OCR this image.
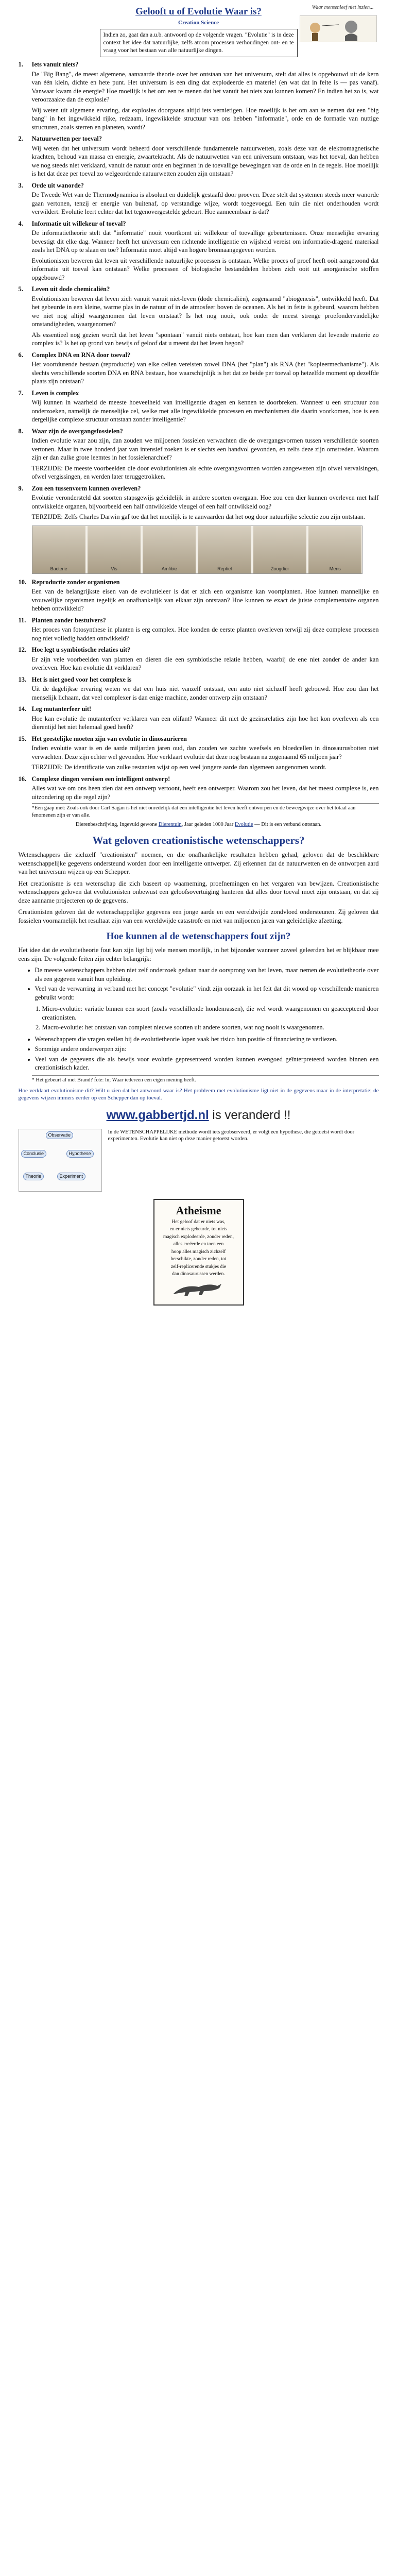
Waar mensenleef niet inzien...
Gelooft u of Evolutie Waar is?
Creation Science
Indien zo, gaat dan a.u.b. antwoord op de volgende vragen. "Evolutie" is in deze context het idee dat natuurlijke, zelfs atoom processen verhoudingen ont- en te vraag voor het bestaan van alle natuurlijke dingen.
1.	Iets vanuit niets?

De "Big Bang", de meest algemene, aanvaarde theorie over het ontstaan van het universum, stelt dat alles is opgebouwd uit de kern van één klein, dichte en hete punt. Het universum is een ding dat explodeerde en materie! (en wat dat in feite is — pas vanaf). Vanwaar kwam die energie? Hoe moeilijk is het om een te menen dat het vanuit het niets zou kunnen komen? En indien het zo is, wat veroorzaakte dan de explosie?

Wij weten uit algemene ervaring, dat explosies doorgaans altijd iets vernietigen. Hoe moeilijk is het om aan te nemen dat een "big bang" in het ingewikkeld rijke, redzaam, ingewikkelde structuur van ons hebben "informatie", orde en de formatie van nuttige structuren, zoals sterren en planeten, wordt?

2.	Natuurwetten per toeval?

Wij weten dat het universum wordt beheerd door verschillende fundamentele natuurwetten, zoals deze van de elektromagnetische krachten, behoud van massa en energie, zwaartekracht. Als de natuurwetten van een universum ontstaan, was het toeval, dan hebben we nog steeds niet verklaard, vanuit de natuur orde en beginnen in de toevallige bewegingen van de orde en in de regels. Hoe moeilijk is het dat deze per toeval zo welgeordende natuurwetten zouden zijn ontstaan?

3.	Orde uit wanorde?

De Tweede Wet van de Thermodynamica is absoluut en duidelijk gestaafd door proeven. Deze stelt dat systemen steeds meer wanorde gaan vertonen, tenzij er energie van buitenaf, op verstandige wijze, wordt toegevoegd. Een tuin die niet onderhouden wordt verwildert. Evolutie leert echter dat het tegenovergestelde gebeurt. Hoe aanneembaar is dat?

4.	Informatie uit willekeur of toeval?

De informatietheorie stelt dat "informatie" nooit voortkomt uit willekeur of toevallige gebeurtenissen. Onze menselijke ervaring bevestigt dit elke dag. Wanneer heeft het universum een richtende intelligentie en wijsheid vereist om informatie-dragend materiaal zoals het DNA op te slaan en toe? Informatie moet altijd van hogere bronnaangegeven worden.

Evolutionisten beweren dat leven uit verschillende natuurlijke processen is ontstaan. Welke proces of proef heeft ooit aangetoond dat informatie uit toeval kan ontstaan? Welke processen of biologische bestanddelen hebben zich ooit uit anorganische stoffen opgebouwd?

5.	Leven uit dode chemicaliën?

Evolutionisten beweren dat leven zich vanuit vanuit niet-leven (dode chemicaliën), zogenaamd "abiogenesis", ontwikkeld heeft. Dat het gebeurde in een kleine, warme plas in de natuur of in de atmosfeer boven de oceanen. Als het in feite is gebeurd, waarom hebben we niet nog altijd waargenomen dat leven ontstaat? Is het nog nooit, ook onder de meest strenge proefondervindelijke omstandigheden, waargenomen?

Als essentieel nog gezien wordt dat het leven "spontaan" vanuit niets ontstaat, hoe kan men dan verklaren dat levende materie zo complex is? Is het op grond van bewijs of geloof dat u meent dat het leven begon?

6.	Complex DNA en RNA door toeval?

Het voortdurende bestaan (reproductie) van elke cellen vereisten zowel DNA (het "plan") als RNA (het "kopieermechanisme"). Als slechts verschillende soorten DNA en RNA bestaan, hoe waarschijnlijk is het dat ze beide per toeval op hetzelfde moment op dezelfde plaats zijn ontstaan?

7.	Leven is complex

Wij kunnen in waarheid de meeste hoeveelheid van intelligentie dragen en kennen te doorbreken. Wanneer u een structuur zou onderzoeken, namelijk de menselijke cel, welke met alle ingewikkelde processen en mechanismen die daarin voorkomen, hoe is een dergelijke complexe structuur ontstaan zonder intelligentie?

8.	Waar zijn de overgangsfossielen?

Indien evolutie waar zou zijn, dan zouden we miljoenen fossielen verwachten die de overgangsvormen tussen verschillende soorten vertonen. Maar in twee honderd jaar van intensief zoeken is er slechts een handvol gevonden, en zelfs deze zijn omstreden. Waarom zijn er dan zulke grote leemtes in het fossielenarchief?

TERZIJDE: De meeste voorbeelden die door evolutionisten als echte overgangsvormen worden aangewezen zijn ofwel vervalsingen, ofwel vergissingen, en werden later teruggetrokken.

9.	Zou een tussenvorm kunnen overleven?

Evolutie verondersteld dat soorten stapsgewijs geleidelijk in andere soorten overgaan. Hoe zou een dier kunnen overleven met half ontwikkelde organen, bijvoorbeeld een half ontwikkelde vleugel of een half ontwikkeld oog?

TERZIJDE: Zelfs Charles Darwin gaf toe dat het moeilijk is te aanvaarden dat het oog door natuurlijke selectie zou zijn ontstaan.

Bacterie	Vis	Amfibie	Reptiel	Zoogdier	Mens
10. Reproductie zonder organismen

Een van de belangrijkste eisen van de evolutieleer is dat er zich een organisme kan voortplanten. Hoe kunnen mannelijke en vrouwelijke organismen tegelijk en onafhankelijk van elkaar zijn ontstaan? Hoe kunnen ze exact de juiste complementaire organen hebben ontwikkeld?

11. Planten zonder bestuivers?

Het proces van fotosynthese in planten is erg complex. Hoe konden de eerste planten overleven terwijl zij deze complexe processen nog niet volledig hadden ontwikkeld?

12. Hoe legt u symbiotische relaties uit?

Er zijn vele voorbeelden van planten en dieren die een symbiotische relatie hebben, waarbij de ene niet zonder de ander kan overleven. Hoe kan evolutie dit verklaren?

13. Het is niet goed voor het complexe is

Uit de dagelijkse ervaring weten we dat een huis niet vanzelf ontstaat, een auto niet zichzelf heeft gebouwd. Hoe zou dan het menselijk lichaam, dat veel complexer is dan enige machine, zonder ontwerp zijn ontstaan?

14. Leg mutanterfeer uit!

Hoe kan evolutie de mutanterfeer verklaren van een olifant? Wanneer dit niet de gezinsrelaties zijn hoe het kon overleven als een dierentijd het niet helemaal goed heeft?

15. Het geestelijke moeten zijn van evolutie in dinosaurieren

Indien evolutie waar is en de aarde miljarden jaren oud, dan zouden we zachte weefsels en bloedcellen in dinosaurusbotten niet verwachten. Deze zijn echter wel gevonden. Hoe verklaart evolutie dat deze nog bestaan na zogenaamd 65 miljoen jaar?

TERZIJDE: De identificatie van zulke restanten wijst op een veel jongere aarde dan algemeen aangenomen wordt.

16. Complexe dingen vereisen een intelligent ontwerp!

Alles wat we om ons heen zien dat een ontwerp vertoont, heeft een ontwerper. Waarom zou het leven, dat het meest complexe is, een uitzondering op die regel zijn?

*Een gaap met: Zoals ook door Carl Sagan is het niet onredelijk dat een intelligentie het leven heeft ontworpen en de beweegwijze over het totaal aan fenomenen zijn er van alle.
Dierenbeschrijving, Ingevuld gewone Dierentuin, Jaar geleden 1000 Jaar Evolutie — Dit is een verband ontstaan.
Wat geloven creationistische wetenschappers?

Wetenschappers die zichzelf "creationisten" noemen, en die onafhankelijke resultaten hebben gehad, geloven dat de beschikbare wetenschappelijke gegevens ondersteund worden door een intelligente ontwerper. Zij erkennen dat de natuurwetten en de ontworpen aard van het universum wijzen op een Schepper.

Het creationisme is een wetenschap die zich baseert op waarneming, proefnemingen en het vergaren van bewijzen. Creationistische wetenschappers geloven dat evolutionisten onbewust een geloofsovertuiging hanteren dat alles door toeval moet zijn ontstaan, en dat zij deze aanname projecteren op de gegevens.

Creationisten geloven dat de wetenschappelijke gegevens een jonge aarde en een wereldwijde zondvloed ondersteunen. Zij geloven dat fossielen voornamelijk het resultaat zijn van een wereldwijde catastrofe en niet van miljoenen jaren van geleidelijke afzetting.

Hoe kunnen al de wetenschappers fout zijn?

Het idee dat de evolutietheorie fout kan zijn ligt bij vele mensen moeilijk, in het bijzonder wanneer zoveel geleerden het er blijkbaar mee eens zijn. De volgende feiten zijn echter belangrijk:

• De meeste wetenschappers hebben niet zelf onderzoek gedaan naar de oorsprong van het leven, maar nemen de evolutietheorie over als een gegeven vanuit hun opleiding.
• Veel van de verwarring in verband met het concept "evolutie" vindt zijn oorzaak in het feit dat dit woord op verschillende manieren gebruikt wordt:
1. Micro-evolutie: variatie binnen een soort (zoals verschillende hondenrassen), die wel wordt waargenomen en geaccepteerd door creationisten.
2. Macro-evolutie: het ontstaan van compleet nieuwe soorten uit andere soorten, wat nog nooit is waargenomen.
• Wetenschappers die vragen stellen bij de evolutietheorie lopen vaak het risico hun positie of financiering te verliezen.
• Sommige andere onderwerpen zijn:
• Veel van de gegevens die als bewijs voor evolutie gepresenteerd worden kunnen evengoed geïnterpreteerd worden binnen een creationistisch kader.
* Het gebeurt al met Brand? fcte: ln; Waar iedereen een eigen mening heeft.
Hoe verklaart evolutionisme dit? Wilt u zien dat het antwoord waar is? Het probleem met evolutionisme ligt niet in de gegevens maar in de interpretatie; de gegevens wijzen immers eerder op een Schepper dan op toeval.
www.gabbertjd.nl is veranderd !!
Observatie
Hypothese
Experiment
Theorie
Conclusie
In de WETENSCHAPPELIJKE methode wordt iets geobserveerd, er volgt een hypothese, die getoetst wordt door experimenten. Evolutie kan niet op deze manier getoetst worden.
Atheisme
Het geloof dat er niets was,
en er niets gebeurde, tot niets
magisch explodeerde, zonder reden,
alles creëerde en toen een
hoop alles magisch zichzelf
herschikte, zonder reden, tot
zelf-replicerende stukjes die
dan dinosaurussen werden.
